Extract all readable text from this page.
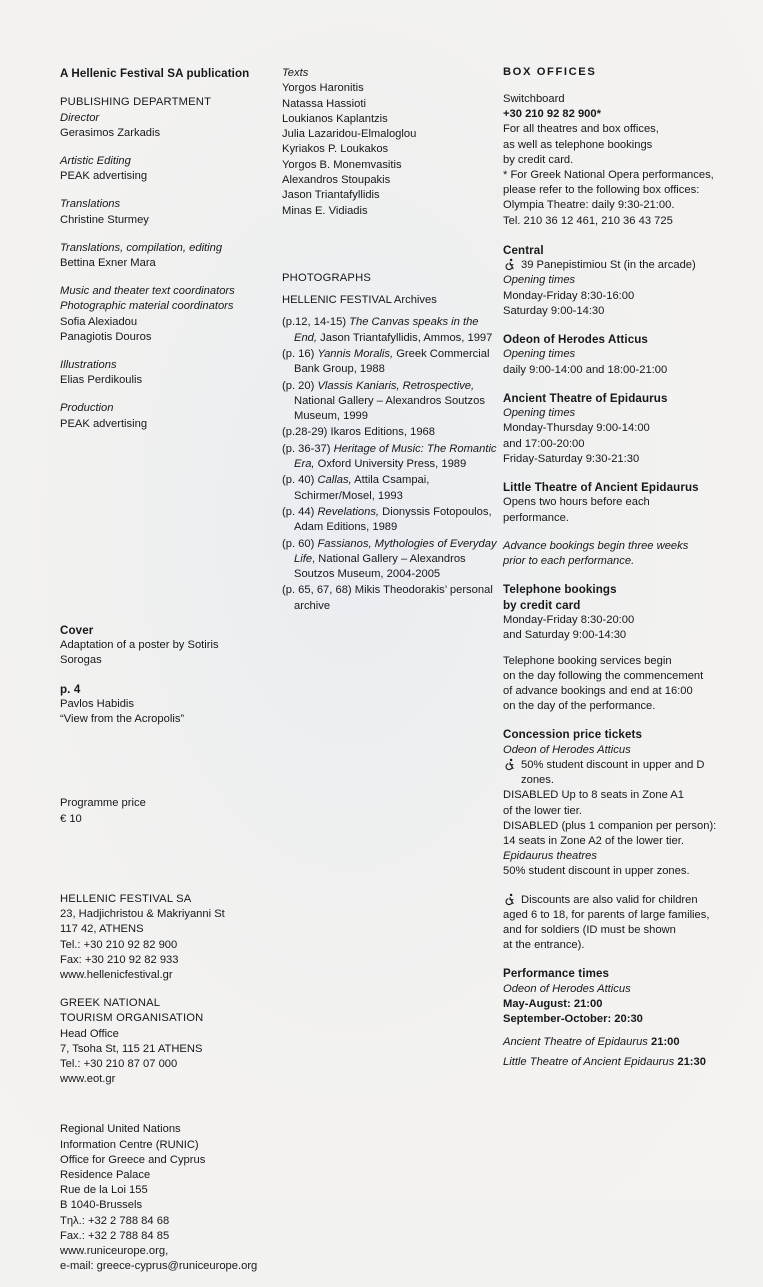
A Hellenic Festival SA publication
PUBLISHING DEPARTMENT
Director
Gerasimos Zarkadis
Artistic Editing
PEAK advertising
Translations
Christine Sturmey
Translations, compilation, editing
Bettina Exner Mara
Music and theater text coordinators
Photographic material coordinators
Sofia Alexiadou
Panagiotis Douros
Illustrations
Elias Perdikoulis
Production
PEAK advertising
Cover
Adaptation of a poster by Sotiris Sorogas
p. 4
Pavlos Habidis
“View from the Acropolis”
Programme price
€ 10
HELLENIC FESTIVAL SA
23, Hadjichristou & Makriyanni St
117 42, ATHENS
Tel.: +30 210 92 82 900
Fax: +30 210 92 82 933
www.hellenicfestival.gr
GREEK NATIONAL
TOURISM ORGANISATION
Head Office
7, Tsoha St, 115 21 ATHENS
Tel.: +30 210 87 07 000
www.eot.gr
Regional United Nations
Information Centre (RUNIC)
Office for Greece and Cyprus
Residence Palace
Rue de la Loi 155
B 1040-Brussels
Tηλ.: +32 2 788 84 68
Fax.: +32 2 788 84 85
www.runiceurope.org,
e-mail: greece-cyprus@runiceurope.org
Texts
Yorgos Haronitis
Natassa Hassioti
Loukianos Kaplantzis
Julia Lazaridou-Elmaloglou
Kyriakos P. Loukakos
Yorgos B. Monemvasitis
Alexandros Stoupakis
Jason Triantafyllidis
Minas E. Vidiadis
PHOTOGRAPHS
HELLENIC FESTIVAL Archives
(p.12, 14-15) The Canvas speaks in the End, Jason Triantafyllidis, Ammos, 1997
(p. 16) Yannis Moralis, Greek Commercial Bank Group, 1988
(p. 20) Vlassis Kaniaris, Retrospective, National Gallery – Alexandros Soutzos Museum, 1999
(p.28-29) Ikaros Editions, 1968
(p. 36-37) Heritage of Music: The Romantic Era, Oxford University Press, 1989
(p. 40) Callas, Attila Csampai, Schirmer/Mosel, 1993
(p. 44) Revelations, Dionyssis Fotopoulos, Adam Editions, 1989
(p. 60) Fassianos, Mythologies of Everyday Life, National Gallery – Alexandros Soutzos Museum, 2004-2005
(p. 65, 67, 68) Mikis Theodorakis’ personal archive
BOX OFFICES
Switchboard
+30 210 92 82 900*
For all theatres and box offices,
as well as telephone bookings
by credit card.
* For Greek National Opera performances,
please refer to the following box offices:
Olympia Theatre: daily 9:30-21:00.
Tel. 210 36 12 461, 210 36 43 725
Central
39 Panepistimiou St (in the arcade)
Opening times
Monday-Friday 8:30-16:00
Saturday 9:00-14:30
Odeon of Herodes Atticus
Opening times
daily 9:00-14:00 and 18:00-21:00
Ancient Theatre of Epidaurus
Opening times
Monday-Thursday 9:00-14:00
and 17:00-20:00
Friday-Saturday 9:30-21:30
Little Theatre of Ancient Epidaurus
Opens two hours before each performance.
Advance bookings begin three weeks
prior to each performance.
Telephone bookings
by credit card
Monday-Friday 8:30-20:00
and Saturday 9:00-14:30
Telephone booking services begin
on the day following the commencement
of advance bookings and end at 16:00
on the day of the performance.
Concession price tickets
Odeon of Herodes Atticus
50% student discount in upper and D zones.
DISABLED Up to 8 seats in Zone A1
of the lower tier.
DISABLED (plus 1 companion per person):
14 seats in Zone A2 of the lower tier.
Epidaurus theatres
50% student discount in upper zones.
Discounts are also valid for children
aged 6 to 18, for parents of large families,
and for soldiers (ID must be shown
at the entrance).
Performance times
Odeon of Herodes Atticus
May-August: 21:00
September-October: 20:30
Ancient Theatre of Epidaurus 21:00
Little Theatre of Ancient Epidaurus 21:30
